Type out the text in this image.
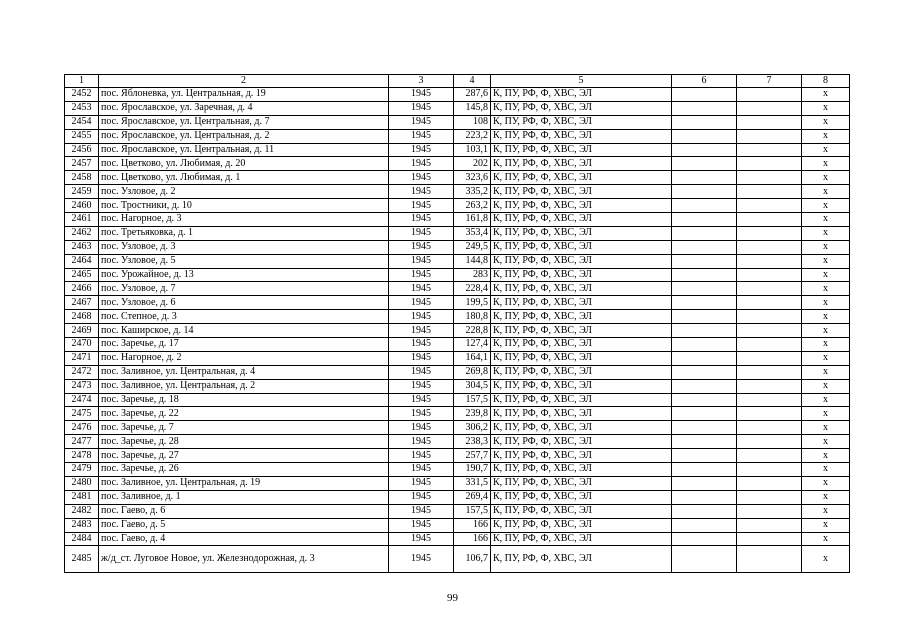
1	2	3	4	5	6	7	8
2452	пос. Яблоневка, ул. Центральная, д. 19	1945	287,6	К, ПУ, РФ, Ф, ХВС, ЭЛ			х
2453	пос. Ярославское, ул. Заречная, д. 4	1945	145,8	К, ПУ, РФ, Ф, ХВС, ЭЛ			х
2454	пос. Ярославское, ул. Центральная, д. 7	1945	108	К, ПУ, РФ, Ф, ХВС, ЭЛ			х
2455	пос. Ярославское, ул. Центральная, д. 2	1945	223,2	К, ПУ, РФ, Ф, ХВС, ЭЛ			х
2456	пос. Ярославское, ул. Центральная, д. 11	1945	103,1	К, ПУ, РФ, Ф, ХВС, ЭЛ			х
2457	пос. Цветково, ул. Любимая, д. 20	1945	202	К, ПУ, РФ, Ф, ХВС, ЭЛ			х
2458	пос. Цветково, ул. Любимая, д. 1	1945	323,6	К, ПУ, РФ, Ф, ХВС, ЭЛ			х
2459	пос. Узловое, д. 2	1945	335,2	К, ПУ, РФ, Ф, ХВС, ЭЛ			х
2460	пос. Тростники, д. 10	1945	263,2	К, ПУ, РФ, Ф, ХВС, ЭЛ			х
2461	пос. Нагорное, д. 3	1945	161,8	К, ПУ, РФ, Ф, ХВС, ЭЛ			х
2462	пос. Третьяковка, д. 1	1945	353,4	К, ПУ, РФ, Ф, ХВС, ЭЛ			х
2463	пос. Узловое, д. 3	1945	249,5	К, ПУ, РФ, Ф, ХВС, ЭЛ			х
2464	пос. Узловое, д. 5	1945	144,8	К, ПУ, РФ, Ф, ХВС, ЭЛ			х
2465	пос. Урожайное, д. 13	1945	283	К, ПУ, РФ, Ф, ХВС, ЭЛ			х
2466	пос. Узловое, д. 7	1945	228,4	К, ПУ, РФ, Ф, ХВС, ЭЛ			х
2467	пос. Узловое, д. 6	1945	199,5	К, ПУ, РФ, Ф, ХВС, ЭЛ			х
2468	пос. Степное, д. 3	1945	180,8	К, ПУ, РФ, Ф, ХВС, ЭЛ			х
2469	пос. Каширское, д. 14	1945	228,8	К, ПУ, РФ, Ф, ХВС, ЭЛ			х
2470	пос. Заречье, д. 17	1945	127,4	К, ПУ, РФ, Ф, ХВС, ЭЛ			х
2471	пос. Нагорное, д. 2	1945	164,1	К, ПУ, РФ, Ф, ХВС, ЭЛ			х
2472	пос. Заливное, ул. Центральная, д. 4	1945	269,8	К, ПУ, РФ, Ф, ХВС, ЭЛ			х
2473	пос. Заливное, ул. Центральная, д. 2	1945	304,5	К, ПУ, РФ, Ф, ХВС, ЭЛ			х
2474	пос. Заречье, д. 18	1945	157,5	К, ПУ, РФ, Ф, ХВС, ЭЛ			х
2475	пос. Заречье, д. 22	1945	239,8	К, ПУ, РФ, Ф, ХВС, ЭЛ			х
2476	пос. Заречье, д. 7	1945	306,2	К, ПУ, РФ, Ф, ХВС, ЭЛ			х
2477	пос. Заречье, д. 28	1945	238,3	К, ПУ, РФ, Ф, ХВС, ЭЛ			х
2478	пос. Заречье, д. 27	1945	257,7	К, ПУ, РФ, Ф, ХВС, ЭЛ			х
2479	пос. Заречье, д. 26	1945	190,7	К, ПУ, РФ, Ф, ХВС, ЭЛ			х
2480	пос. Заливное, ул. Центральная, д. 19	1945	331,5	К, ПУ, РФ, Ф, ХВС, ЭЛ			х
2481	пос. Заливное, д. 1	1945	269,4	К, ПУ, РФ, Ф, ХВС, ЭЛ			х
2482	пос. Гаево, д. 6	1945	157,5	К, ПУ, РФ, Ф, ХВС, ЭЛ			х
2483	пос. Гаево, д. 5	1945	166	К, ПУ, РФ, Ф, ХВС, ЭЛ			х
2484	пос. Гаево, д. 4	1945	166	К, ПУ, РФ, Ф, ХВС, ЭЛ			х
2485	ж/д_ст. Луговое Новое, ул. Железнодорожная, д. 3	1945	106,7	К, ПУ, РФ, Ф, ХВС, ЭЛ			х
99
